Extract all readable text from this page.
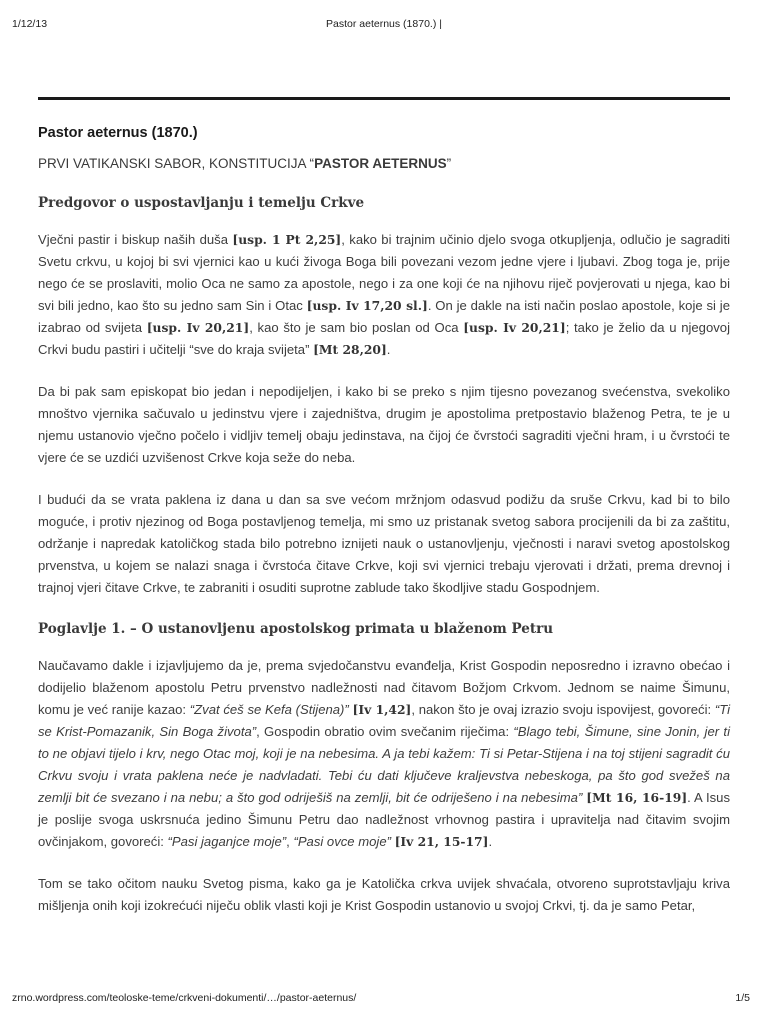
1/12/13	Pastor aeternus (1870.) |
Pastor aeternus (1870.)
PRVI VATIKANSKI SABOR, KONSTITUCIJA “PASTOR AETERNUS”
Predgovor o uspostavljanju i temelju Crkve

Vječni pastir i biskup naših duša [usp. 1 Pt 2,25], kako bi trajnim učinio djelo svoga otkupljenja, odlučio je sagraditi Svetu crkvu, u kojoj bi svi vjernici kao u kući živoga Boga bili povezani vezom jedne vjere i ljubavi. Zbog toga je, prije nego će se proslaviti, molio Oca ne samo za apostole, nego i za one koji će na njihovu riječ povjerovati u njega, kao bi svi bili jedno, kao što su jedno sam Sin i Otac [usp. Iv 17,20 sl.]. On je dakle na isti način poslao apostole, koje si je izabrao od svijeta [usp. Iv 20,21], kao što je sam bio poslan od Oca [usp. Iv 20,21]; tako je želio da u njegovoj Crkvi budu pastiri i učitelji “sve do kraja svijeta” [Mt 28,20].

Da bi pak sam episkopat bio jedan i nepodijeljen, i kako bi se preko s njim tijesno povezanog svećenstva, svekoliko mnoštvo vjernika sačuvalo u jedinstvu vjere i zajedništva, drugim je apostolima pretpostavio blaženog Petra, te je u njemu ustanovio vječno počelo i vidljiv temelj obaju jedinstava, na čijoj će čvrstoći sagraditi vječni hram, i u čvrstoći te vjere će se uzdići uzvišenost Crkve koja seže do neba.

I budući da se vrata paklena iz dana u dan sa sve većom mržnjom odasvud podižu da sruše Crkvu, kad bi to bilo moguće, i protiv njezinog od Boga postavljenog temelja, mi smo uz pristanak svetog sabora procijenili da bi za zaštitu, održanje i napredak katoličkog stada bilo potrebno iznijeti nauk o ustanovljenju, vječnosti i naravi svetog apostolskog prvenstva, u kojem se nalazi snaga i čvrstoća čitave Crkve, koji svi vjernici trebaju vjerovati i držati, prema drevnoj i trajnoj vjeri čitave Crkve, te zabraniti i osuditi suprotne zablude tako škodljive stadu Gospodnjem.

Poglavlje 1. – O ustanovljenu apostolskog primata u blaženom Petru

Naučavamo dakle i izjavljujemo da je, prema svjedočanstvu evanđelja, Krist Gospodin neposredno i izravno obećao i dodijelio blaženom apostolu Petru prvenstvo nadležnosti nad čitavom Božjom Crkvom. Jednom se naime Šimunu, komu je već ranije kazao: “Zvat ćeš se Kefa (Stijena)” [Iv 1,42], nakon što je ovaj izrazio svoju ispovijest, govoreći: “Ti se Krist-Pomazanik, Sin Boga života”, Gospodin obratio ovim svečanim riječima: “Blago tebi, Šimune, sine Jonin, jer ti to ne objavi tijelo i krv, nego Otac moj, koji je na nebesima. A ja tebi kažem: Ti si Petar-Stijena i na toj stijeni sagradit ću Crkvu svoju i vrata paklena neće je nadvladati. Tebi ću dati ključeve kraljevstva nebeskoga, pa što god svežeš na zemlji bit će svezano i na nebu; a što god odriješiš na zemlji, bit će odriješeno i na nebesima” [Mt 16, 16-19]. A Isus je poslije svoga uskrsnuća jedino Šimunu Petru dao nadležnost vrhovnog pastira i upravitelja nad čitavim svojim ovčinjakom, govoreći: “Pasi jaganjce moje”, “Pasi ovce moje” [Iv 21, 15-17].

Tom se tako očitom nauku Svetog pisma, kako ga je Katolička crkva uvijek shvaćala, otvoreno suprotstavljaju kriva mišljenja onih koji izokrećući niječu oblik vlasti koji je Krist Gospodin ustanovio u svojoj Crkvi, tj. da je samo Petar,

zrno.wordpress.com/teoloske-teme/crkveni-dokumenti/…/pastor-aeternus/	1/5
